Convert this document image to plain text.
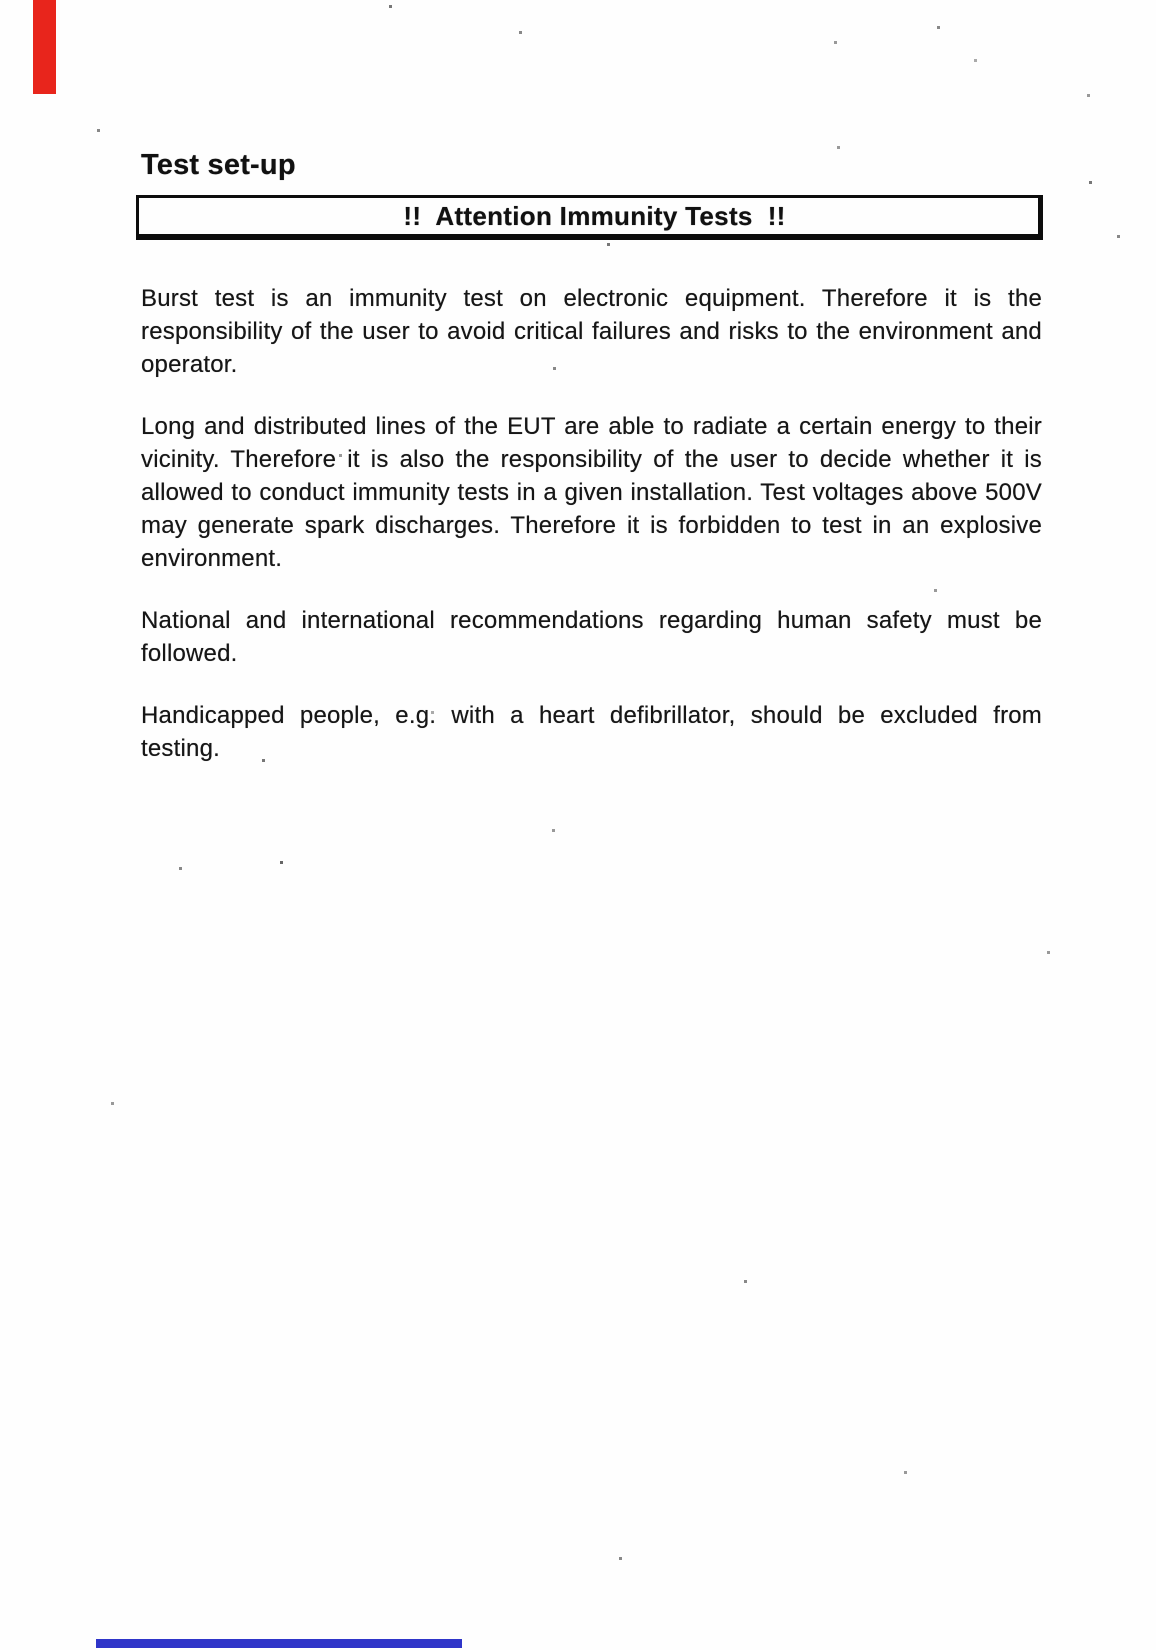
Test set-up
!!  Attention Immunity Tests  !!

Burst test is an immunity test on electronic equipment. Therefore it is the responsibility of the user to avoid critical failures and risks to the environment and operator.

Long and distributed lines of the EUT are able to radiate a certain energy to their vicinity. Therefore it is also the responsibility of the user to decide whether it is allowed to conduct immunity tests in a given installation. Test voltages above 500V may generate spark discharges. Therefore it is forbidden to test in an explosive environment.

National and international recommendations regarding human safety must be followed.

Handicapped people, e.g. with a heart defibrillator, should be excluded from testing.
